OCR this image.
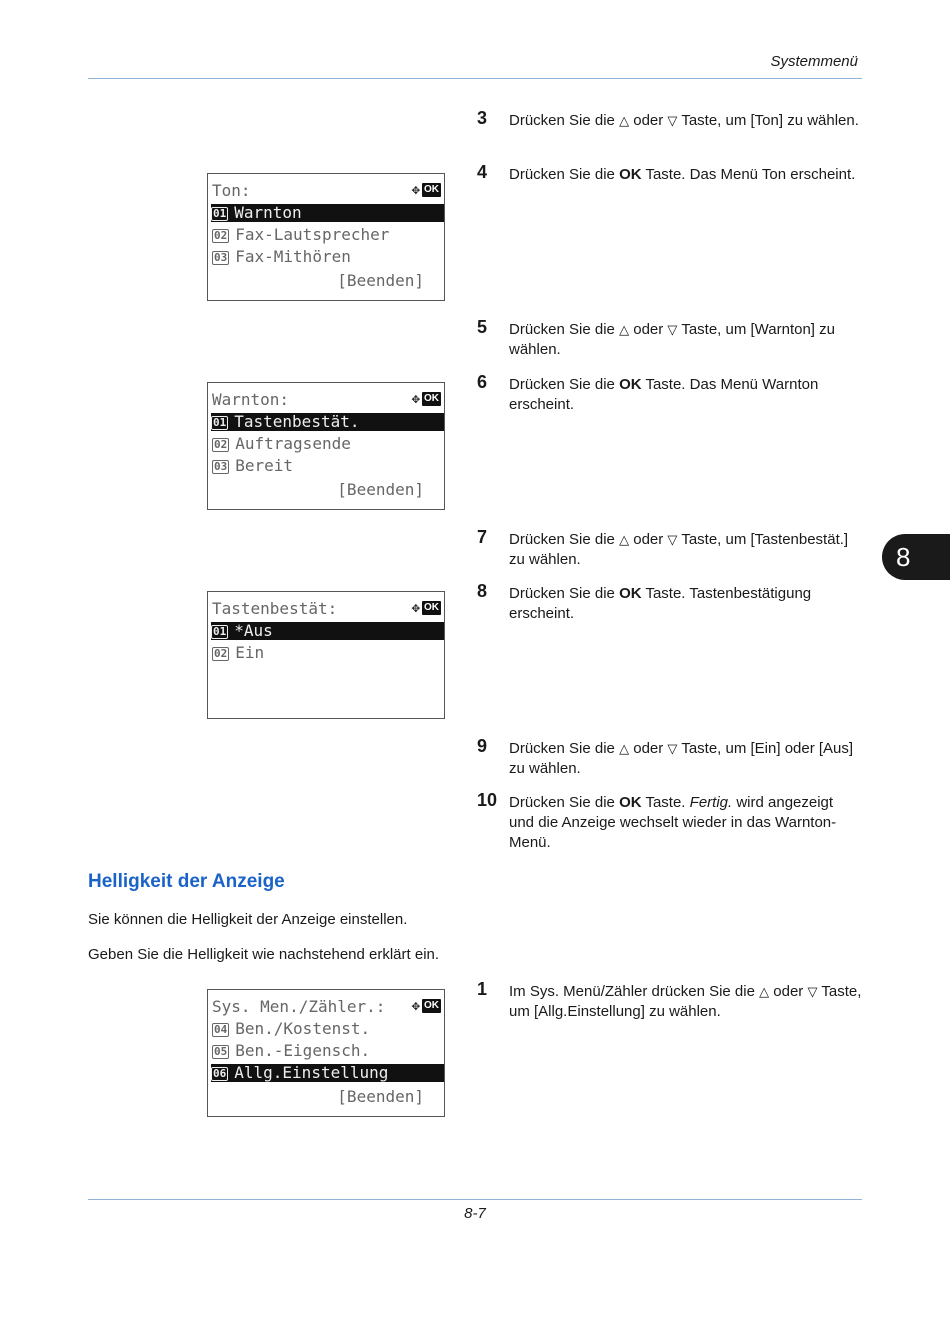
Systemmenü
8
Ton:	✥ OK
01 Warnton
02 Fax-Lautsprecher
03 Fax-Mithören
[Beenden]
Warnton:	✥ OK
01 Tastenbestät.
02 Auftragsende
03 Bereit
[Beenden]
Tastenbestät:	✥ OK
01 *Aus
02 Ein
Sys. Men./Zähler.: ✥ OK
04 Ben./Kostenst.
05 Ben.-Eigensch.
06 Allg.Einstellung
[Beenden]
3 Drücken Sie die △ oder ▽ Taste, um [Ton] zu wählen.
4 Drücken Sie die OK Taste. Das Menü Ton erscheint.
5 Drücken Sie die △ oder ▽ Taste, um [Warnton] zu wählen.
6 Drücken Sie die OK Taste. Das Menü Warnton erscheint.
7 Drücken Sie die △ oder ▽ Taste, um [Tastenbestät.] zu wählen.
8 Drücken Sie die OK Taste. Tastenbestätigung erscheint.
9 Drücken Sie die △ oder ▽ Taste, um [Ein] oder [Aus] zu wählen.
10 Drücken Sie die OK Taste. Fertig. wird angezeigt und die Anzeige wechselt wieder in das Warnton-Menü.
1 Im Sys. Menü/Zähler drücken Sie die △ oder ▽ Taste, um [Allg.Einstellung] zu wählen.
Helligkeit der Anzeige
Sie können die Helligkeit der Anzeige einstellen.
Geben Sie die Helligkeit wie nachstehend erklärt ein.
8-7
